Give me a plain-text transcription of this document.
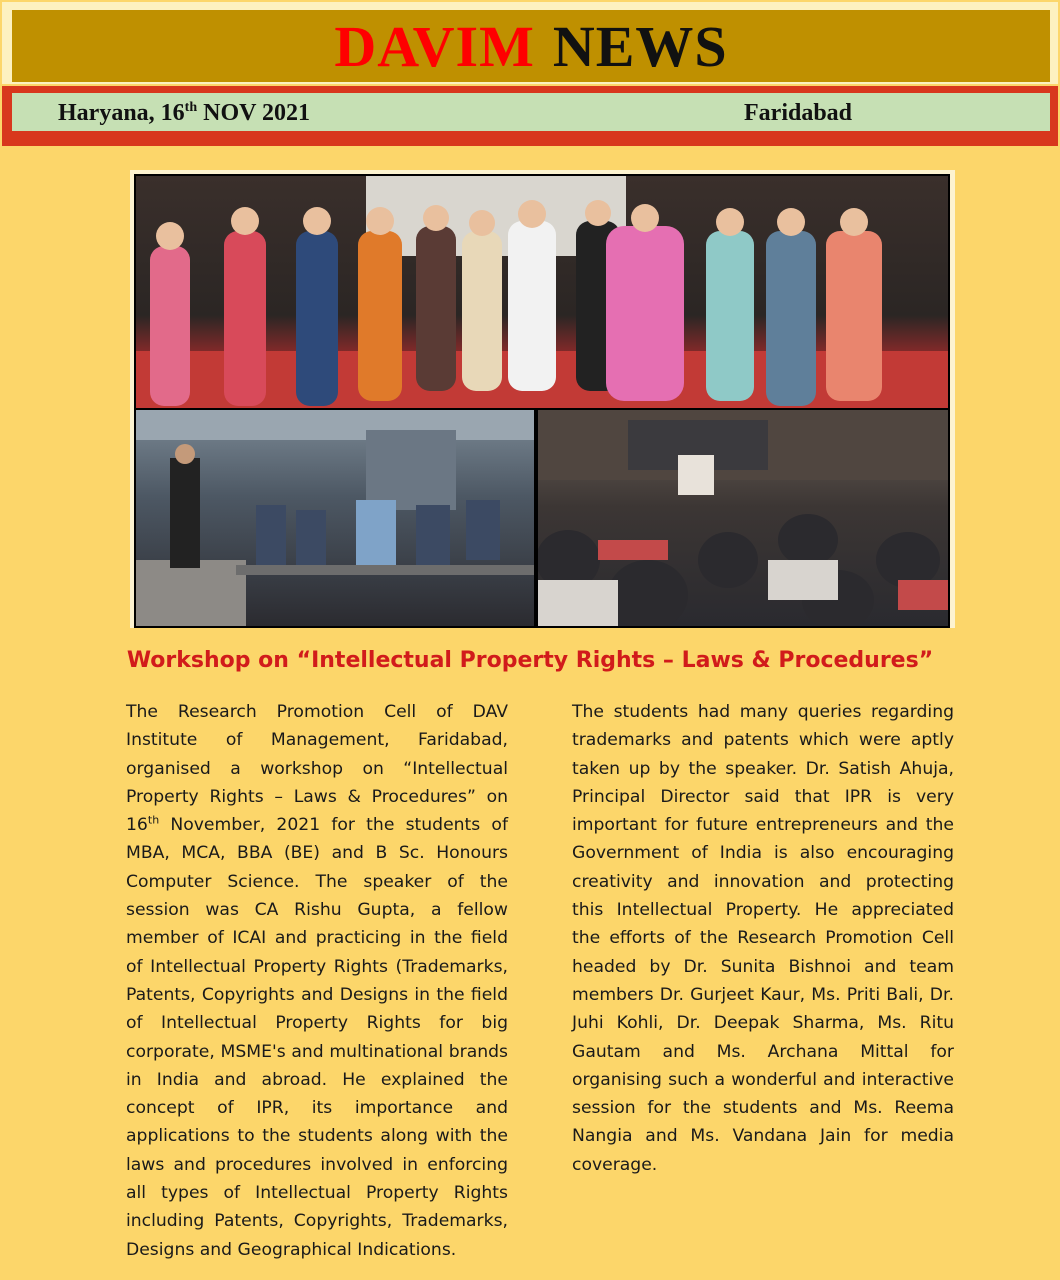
DAVIM NEWS
Haryana, 16th NOV 2021	Faridabad
Workshop on “Intellectual Property Rights – Laws & Procedures”

The Research Promotion Cell of DAV Institute of Management, Faridabad, organised a workshop on “Intellectual Property Rights – Laws & Procedures” on 16th November, 2021 for the students of MBA, MCA, BBA (BE) and B Sc. Honours Computer Science. The speaker of the session was CA Rishu Gupta, a fellow member of ICAI and practicing in the field of Intellectual Property Rights (Trademarks, Patents, Copyrights and Designs in the field of Intellectual Property Rights for big corporate, MSME's and multinational brands in India and abroad. He explained the concept of IPR, its importance and applications to the students along with the laws and procedures involved in enforcing all types of Intellectual Property Rights including Patents, Copyrights, Trademarks, Designs and Geographical Indications.

The students had many queries regarding trademarks and patents which were aptly taken up by the speaker. Dr. Satish Ahuja, Principal Director said that IPR is very important for future entrepreneurs and the Government of India is also encouraging creativity and innovation and protecting this Intellectual Property. He appreciated the efforts of the Research Promotion Cell headed by Dr. Sunita Bishnoi and team members Dr. Gurjeet Kaur, Ms. Priti Bali, Dr. Juhi Kohli, Dr. Deepak Sharma, Ms. Ritu Gautam and Ms. Archana Mittal for organising such a wonderful and interactive session for the students and Ms. Reema Nangia and Ms. Vandana Jain for media coverage.
